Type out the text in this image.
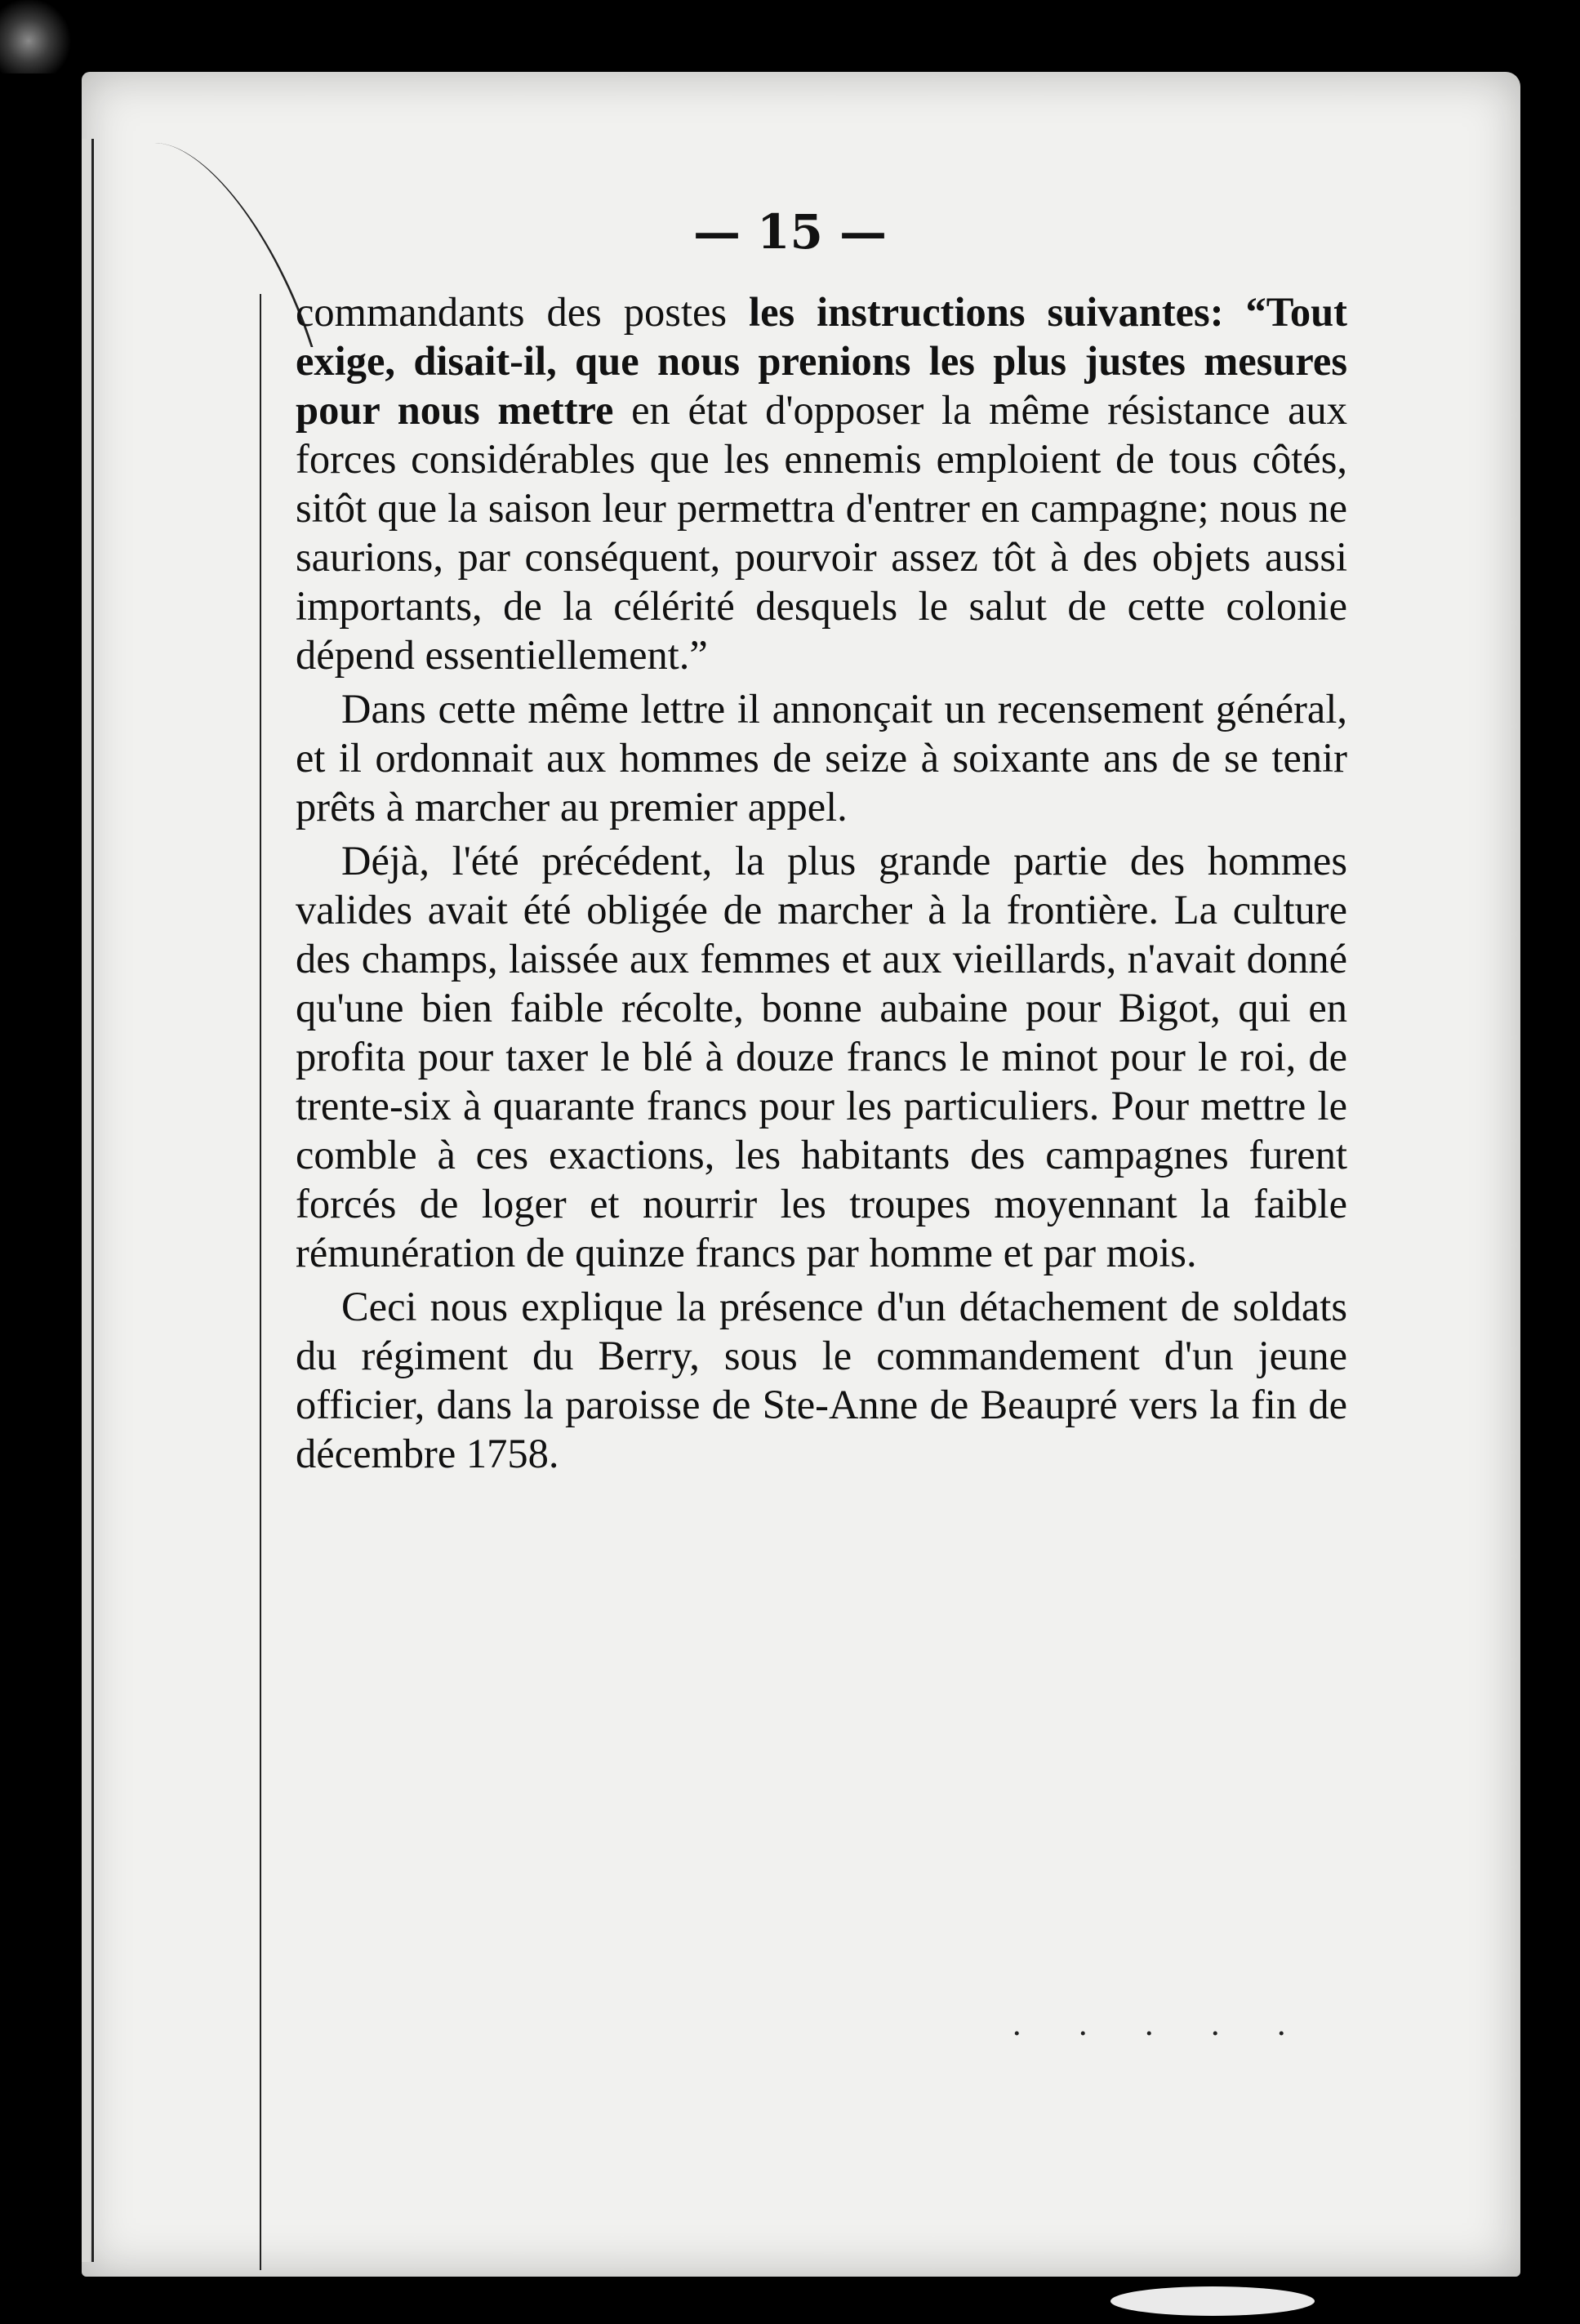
— 15 —

commandants des postes les instructions suivantes: “Tout exige, disait-il, que nous prenions les plus justes mesures pour nous mettre en état d'opposer la même résistance aux forces considérables que les ennemis emploient de tous côtés, sitôt que la saison leur permettra d'entrer en campagne; nous ne saurions, par conséquent, pourvoir assez tôt à des objets aussi importants, de la célérité desquels le salut de cette colonie dépend essentiellement.”

Dans cette même lettre il annonçait un recensement général, et il ordonnait aux hommes de seize à soixante ans de se tenir prêts à marcher au premier appel.

Déjà, l'été précédent, la plus grande partie des hommes valides avait été obligée de marcher à la frontière. La culture des champs, laissée aux femmes et aux vieillards, n'avait donné qu'une bien faible récolte, bonne aubaine pour Bigot, qui en profita pour taxer le blé à douze francs le minot pour le roi, de trente-six à quarante francs pour les particuliers. Pour mettre le comble à ces exactions, les habitants des campagnes furent forcés de loger et nourrir les troupes moyennant la faible rémunération de quinze francs par homme et par mois.

Ceci nous explique la présence d'un détachement de soldats du régiment du Berry, sous le commandement d'un jeune officier, dans la paroisse de Ste-Anne de Beaupré vers la fin de décembre 1758.

. . . . .
